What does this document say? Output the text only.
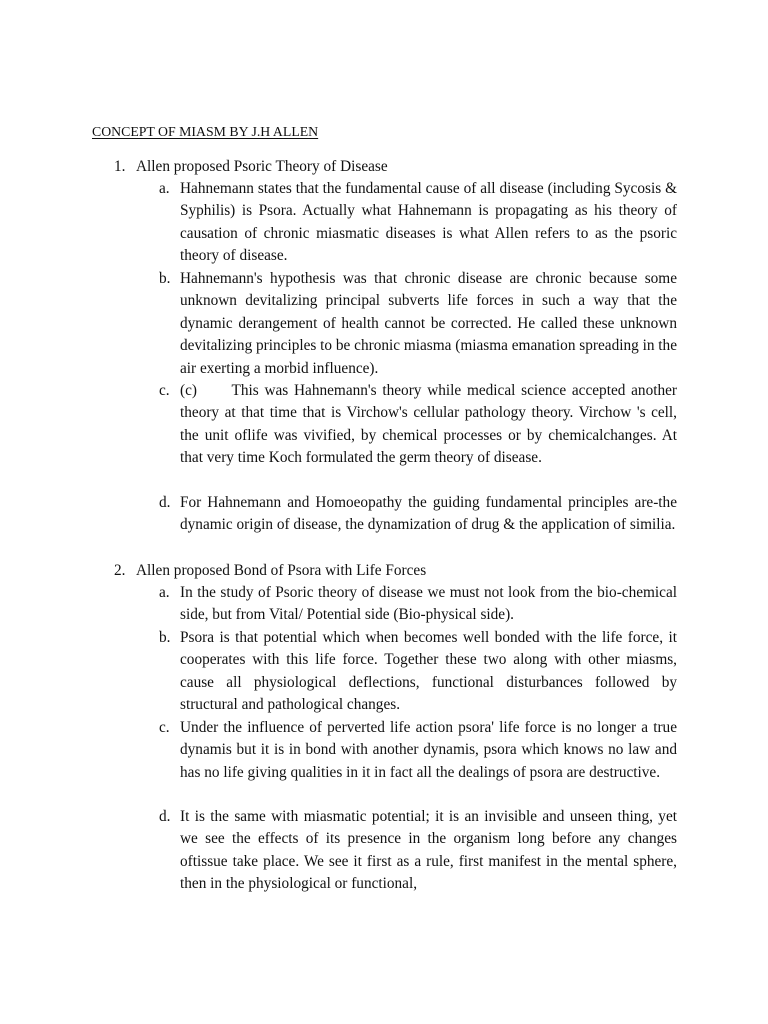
CONCEPT OF MIASM BY J.H ALLEN
1. Allen proposed Psoric Theory of Disease
a. Hahnemann states that the fundamental cause of all disease (including Sycosis & Syphilis) is Psora. Actually what Hahnemann is propagating as his theory of causation of chronic miasmatic diseases is what Allen refers to as the psoric theory of disease.
b. Hahnemann's hypothesis was that chronic disease are chronic because some unknown devitalizing principal subverts life forces in such a way that the dynamic derangement of health cannot be corrected. He called these unknown devitalizing principles to be chronic miasma (miasma emanation spreading in the air exerting a morbid influence).
c. (c)      This was Hahnemann's theory while medical science accepted another theory at that time that is Virchow's cellular pathology theory. Virchow 's cell, the unit oflife was vivified, by chemical processes or by chemicalchanges. At that very time Koch formulated the germ theory of disease.
d. For Hahnemann and Homoeopathy the guiding fundamental principles are-the dynamic origin of disease, the dynamization of drug & the application of similia.
2. Allen proposed Bond of Psora with Life Forces
a. In the study of Psoric theory of disease we must not look from the bio-chemical side, but from Vital/ Potential side (Bio-physical side).
b. Psora is that potential which when becomes well bonded with the life force, it cooperates with this life force. Together these two along with other miasms, cause all physiological deflections, functional disturbances followed by structural and pathological changes.
c. Under the influence of perverted life action psora' life force is no longer a true dynamis but it is in bond with another dynamis, psora which knows no law and has no life giving qualities in it in fact all the dealings of psora are destructive.
d. It is the same with miasmatic potential; it is an invisible and unseen thing, yet we see the effects of its presence in the organism long before any changes oftissue take place. We see it first as a rule, first manifest in the mental sphere, then in the physiological or functional,
